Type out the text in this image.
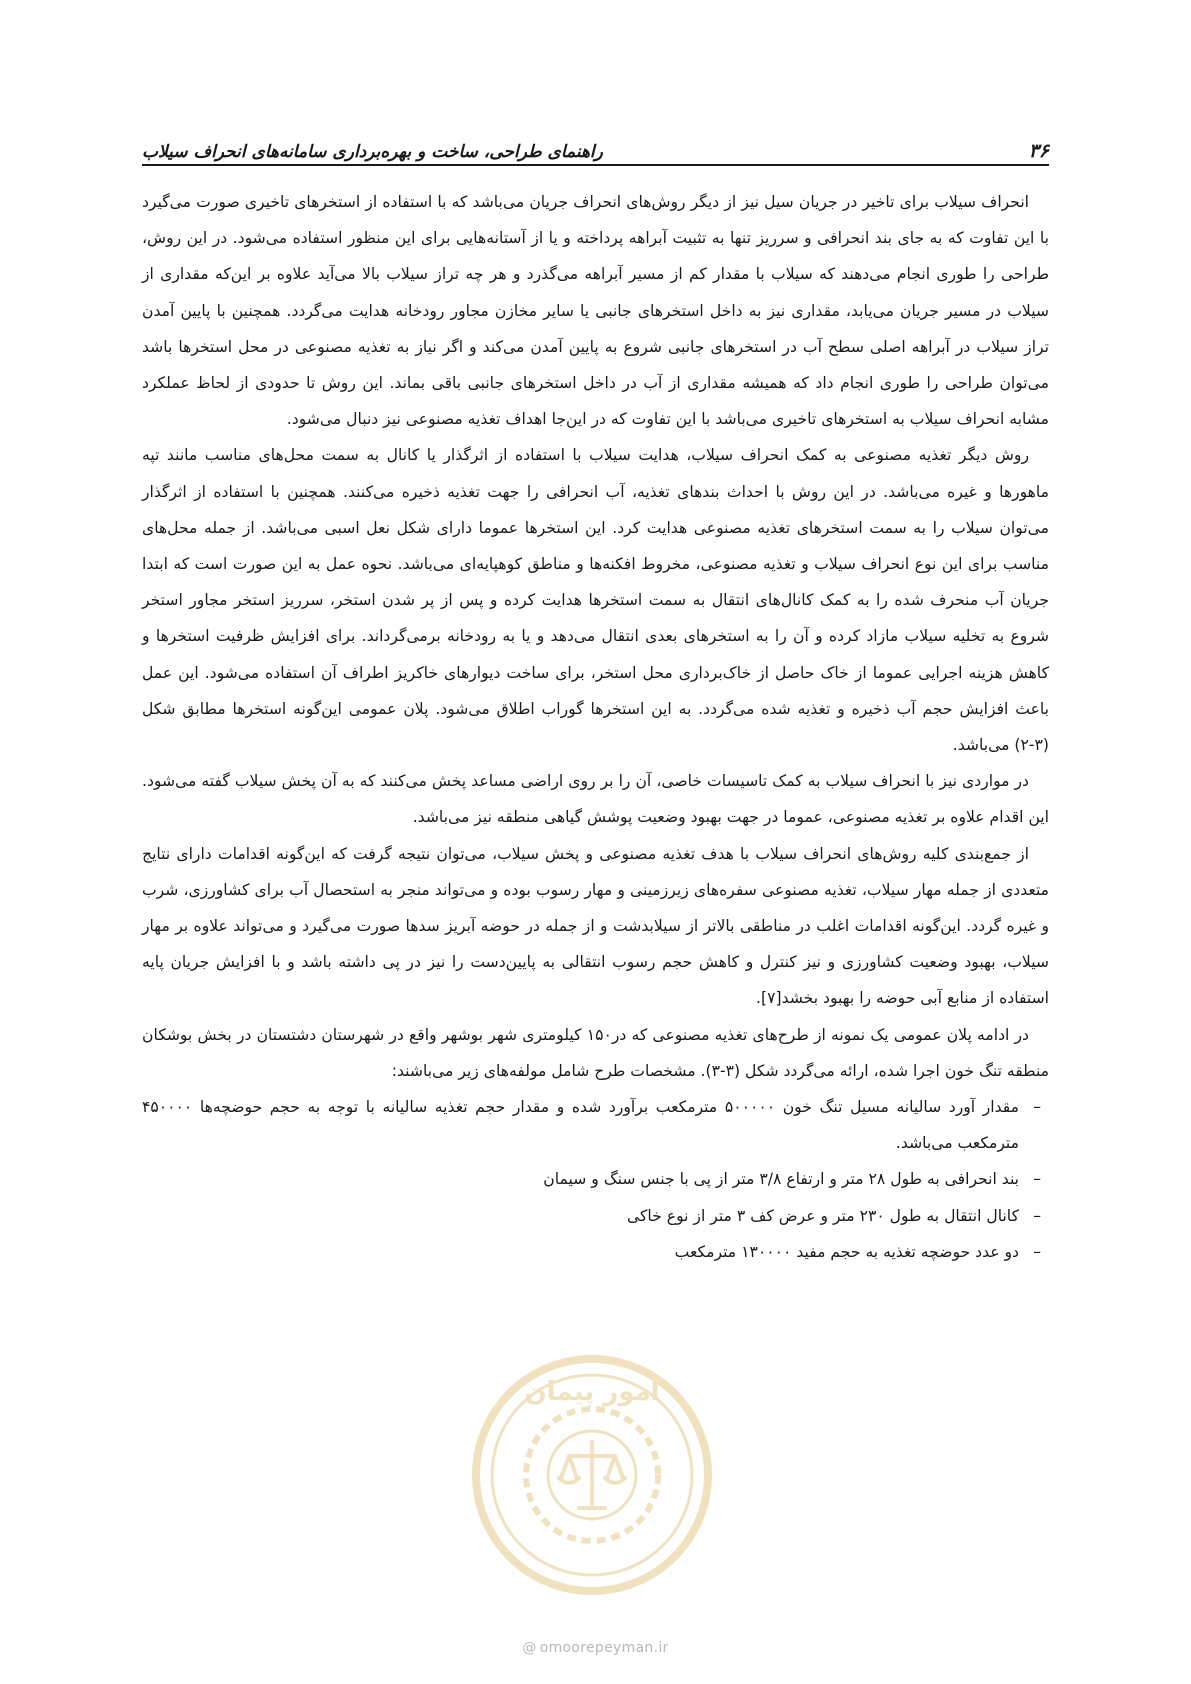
۳۶
راهنمای طراحی، ساخت و بهره‌برداری سامانه‌های انحراف سیلاب

انحراف سیلاب برای تاخیر در جریان سیل نیز از دیگر روش‌های انحراف جریان می‌باشد که با استفاده از استخرهای تاخیری صورت می‌گیرد با این تفاوت که به جای بند انحرافی و سرریز تنها به تثبیت آبراهه پرداخته و یا از آستانه‌هایی برای این منظور استفاده می‌شود. در این روش، طراحی را طوری انجام می‌دهند که سیلاب با مقدار کم از مسیر آبراهه می‌گذرد و هر چه تراز سیلاب بالا می‌آید علاوه بر این‌که مقداری از سیلاب در مسیر جریان می‌یابد، مقداری نیز به داخل استخرهای جانبی یا سایر مخازن مجاور رودخانه هدایت می‌گردد. همچنین با پایین آمدن تراز سیلاب در آبراهه اصلی سطح آب در استخرهای جانبی شروع به پایین آمدن می‌کند و اگر نیاز به تغذیه مصنوعی در محل استخرها باشد می‌توان طراحی را طوری انجام داد که همیشه مقداری از آب در داخل استخرهای جانبی باقی بماند. این روش تا حدودی از لحاظ عملکرد مشابه انحراف سیلاب به استخرهای تاخیری می‌باشد با این تفاوت که در این‌جا اهداف تغذیه مصنوعی نیز دنبال می‌شود.

روش دیگر تغذیه مصنوعی به کمک انحراف سیلاب، هدایت سیلاب با استفاده از اثرگذار یا کانال به سمت محل‌های مناسب مانند تپه ماهورها و غیره می‌باشد. در این روش با احداث بندهای تغذیه، آب انحرافی را جهت تغذیه ذخیره می‌کنند. همچنین با استفاده از اثرگذار می‌توان سیلاب را به سمت استخرهای تغذیه مصنوعی هدایت کرد. این استخرها عموما دارای شکل نعل اسبی می‌باشد. از جمله محل‌های مناسب برای این نوع انحراف سیلاب و تغذیه مصنوعی، مخروط افکنه‌ها و مناطق کوهپایه‌ای می‌باشد. نحوه عمل به این صورت است که ابتدا جریان آب منحرف شده را به کمک کانال‌های انتقال به سمت استخرها هدایت کرده و پس از پر شدن استخر، سرریز استخر مجاور استخر شروع به تخلیه سیلاب مازاد کرده و آن را به استخرهای بعدی انتقال می‌دهد و یا به رودخانه برمی‌گرداند. برای افزایش ظرفیت استخرها و کاهش هزینه اجرایی عموما از خاک حاصل از خاک‌برداری محل استخر، برای ساخت دیوارهای خاکریز اطراف آن استفاده می‌شود. این عمل باعث افزایش حجم آب ذخیره و تغذیه شده می‌گردد. به این استخرها گوراب اطلاق می‌شود. پلان عمومی این‌گونه استخرها مطابق شکل (۳-۲) می‌باشد.

در مواردی نیز با انحراف سیلاب به کمک تاسیسات خاصی، آن را بر روی اراضی مساعد پخش می‌کنند که به آن پخش سیلاب گفته می‌شود. این اقدام علاوه بر تغذیه مصنوعی، عموما در جهت بهبود وضعیت پوشش گیاهی منطقه نیز می‌باشد.

از جمع‌بندی کلیه روش‌های انحراف سیلاب با هدف تغذیه مصنوعی و پخش سیلاب، می‌توان نتیجه گرفت که این‌گونه اقدامات دارای نتایج متعددی از جمله مهار سیلاب، تغذیه مصنوعی سفره‌های زیرزمینی و مهار رسوب بوده و می‌تواند منجر به استحصال آب برای کشاورزی، شرب و غیره گردد. این‌گونه اقدامات اغلب در مناطقی بالاتر از سیلابدشت و از جمله در حوضه آبریز سدها صورت می‌گیرد و می‌تواند علاوه بر مهار سیلاب، بهبود وضعیت کشاورزی و نیز کنترل و کاهش حجم رسوب انتقالی به پایین‌دست را نیز در پی داشته باشد و با افزایش جریان پایه استفاده از منابع آبی حوضه را بهبود بخشد[۷].

در ادامه پلان عمومی یک نمونه از طرح‌های تغذیه مصنوعی که در۱۵۰ کیلومتری شهر بوشهر واقع در شهرستان دشتستان در بخش بوشکان منطقه تنگ خون اجرا شده، ارائه می‌گردد شکل (۳-۳). مشخصات طرح شامل مولفه‌های زیر می‌باشند:

–
مقدار آورد سالیانه مسیل تنگ خون ۵۰۰۰۰۰ مترمکعب برآورد شده و مقدار حجم تغذیه سالیانه با توجه به حجم حوضچه‌ها ۴۵۰۰۰۰ مترمکعب می‌باشد.
–
بند انحرافی به طول ۲۸ متر و ارتفاع ۳/۸ متر از پی با جنس سنگ و سیمان
–
کانال انتقال به طول ۲۳۰ متر و عرض کف ۳ متر از نوع خاکی
–
دو عدد حوضچه تغذیه به حجم مفید ۱۳۰۰۰۰ مترمکعب
امور پیمان
@ omoorepeyman.ir
